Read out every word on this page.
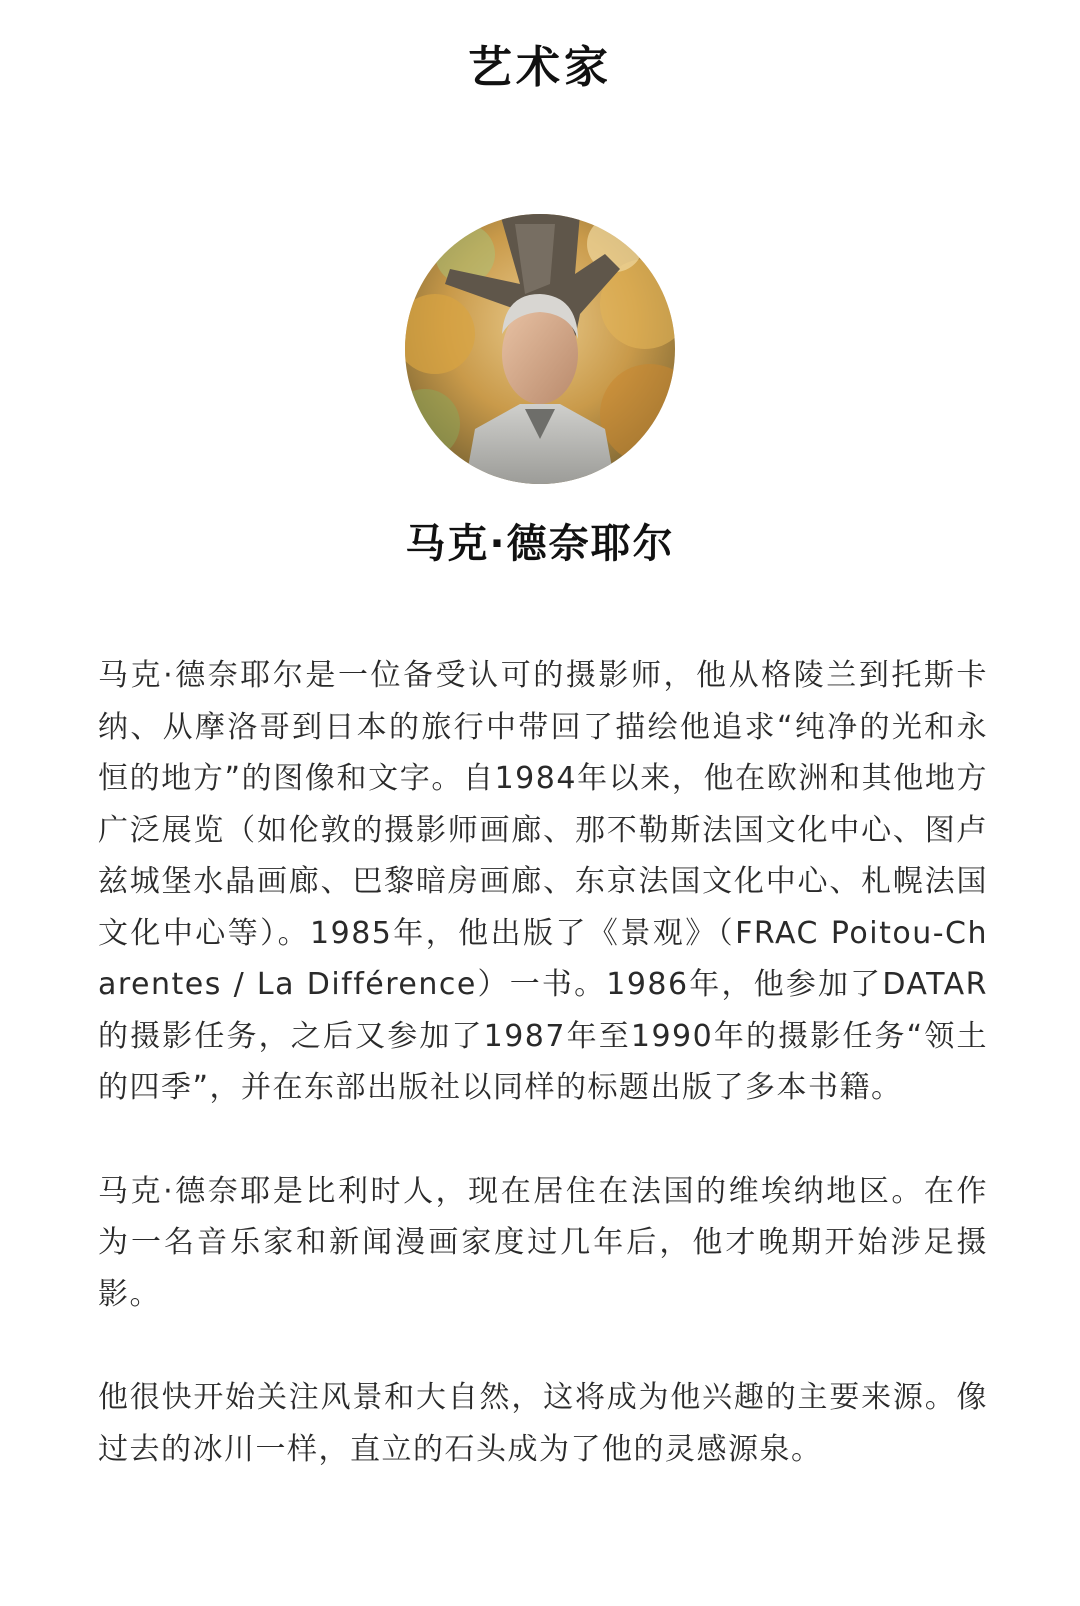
艺术家
马克·德奈耶尔

马克·德奈耶尔是一位备受认可的摄影师，他从格陵兰到托斯卡纳、从摩洛哥到日本的旅行中带回了描绘他追求“纯净的光和永恒的地方”的图像和文字。自1984年以来，他在欧洲和其他地方广泛展览（如伦敦的摄影师画廊、那不勒斯法国文化中心、图卢兹城堡水晶画廊、巴黎暗房画廊、东京法国文化中心、札幌法国文化中心等）。1985年，他出版了《景观》（FRAC Poitou-Charentes / La Différence）一书。1986年，他参加了DATAR的摄影任务，之后又参加了1987年至1990年的摄影任务“领土的四季”，并在东部出版社以同样的标题出版了多本书籍。

马克·德奈耶是比利时人，现在居住在法国的维埃纳地区。在作为一名音乐家和新闻漫画家度过几年后，他才晚期开始涉足摄影。

他很快开始关注风景和大自然，这将成为他兴趣的主要来源。像过去的冰川一样，直立的石头成为了他的灵感源泉。
